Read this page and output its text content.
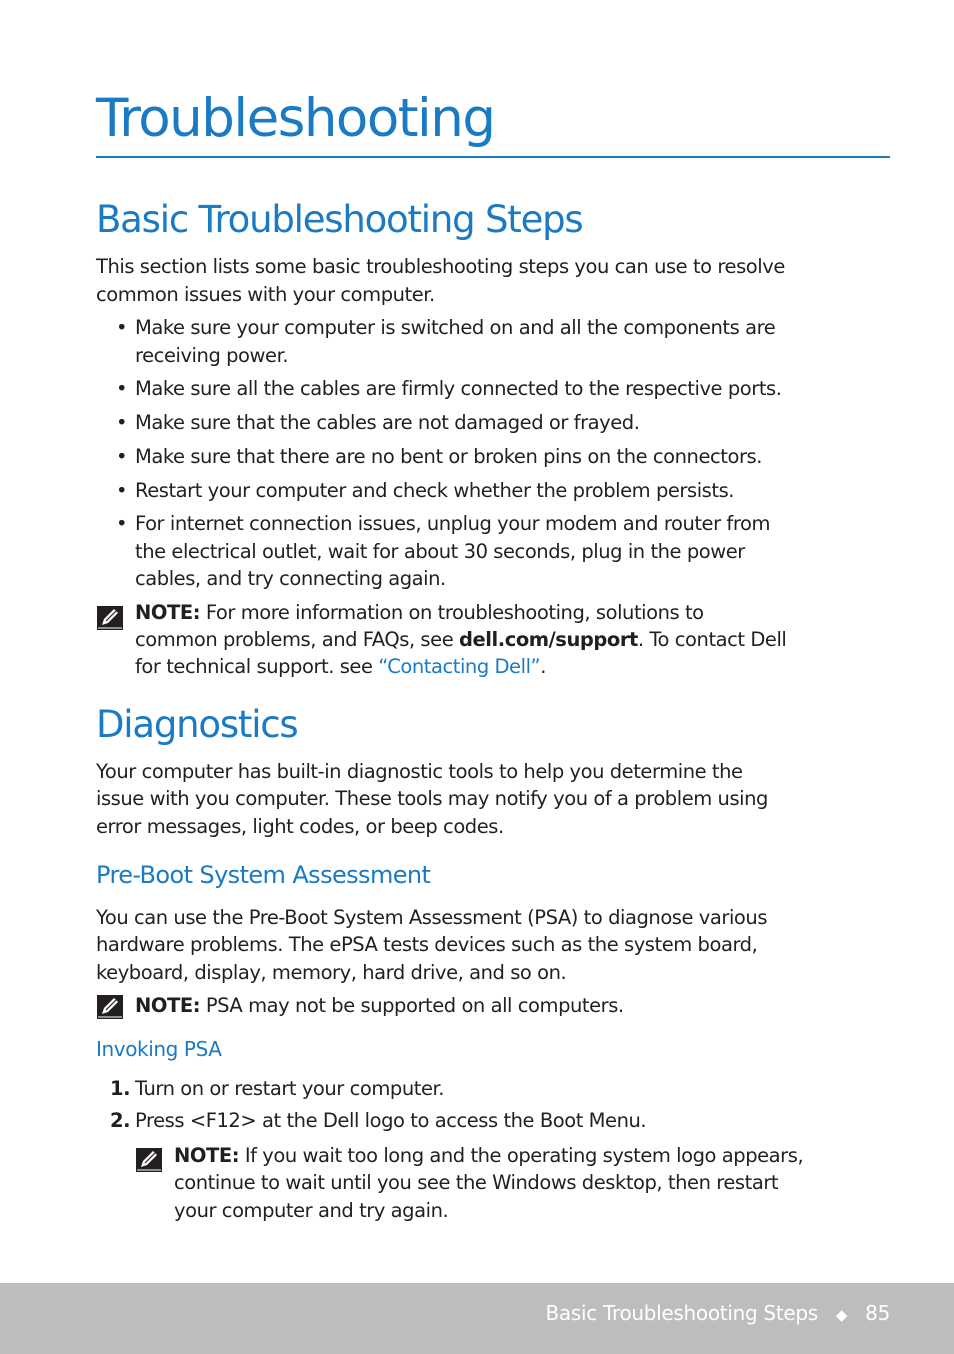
Troubleshooting
Basic Troubleshooting Steps

This section lists some basic troubleshooting steps you can use to resolve

common issues with your computer.

• Make sure your computer is switched on and all the components are

receiving power.

• Make sure all the cables are firmly connected to the respective ports.

• Make sure that the cables are not damaged or frayed.

• Make sure that there are no bent or broken pins on the connectors.

• Restart your computer and check whether the problem persists.

• For internet connection issues, unplug your modem and router from

the electrical outlet, wait for about 30 seconds, plug in the power

cables, and try connecting again.

NOTE: For more information on troubleshooting, solutions to

common problems, and FAQs, see dell.com/support. To contact Dell

for technical support. see “Contacting Dell”.

Diagnostics

Your computer has built-in diagnostic tools to help you determine the

issue with you computer. These tools may notify you of a problem using

error messages, light codes, or beep codes.

Pre-Boot System Assessment

You can use the Pre-Boot System Assessment (PSA) to diagnose various

hardware problems. The ePSA tests devices such as the system board,

keyboard, display, memory, hard drive, and so on.

NOTE: PSA may not be supported on all computers.

Invoking PSA
1. Turn on or restart your computer.

2. Press <F12> at the Dell logo to access the Boot Menu.

NOTE: If you wait too long and the operating system logo appears,

continue to wait until you see the Windows desktop, then restart

your computer and try again.

Basic Troubleshooting Steps ◆ 85
